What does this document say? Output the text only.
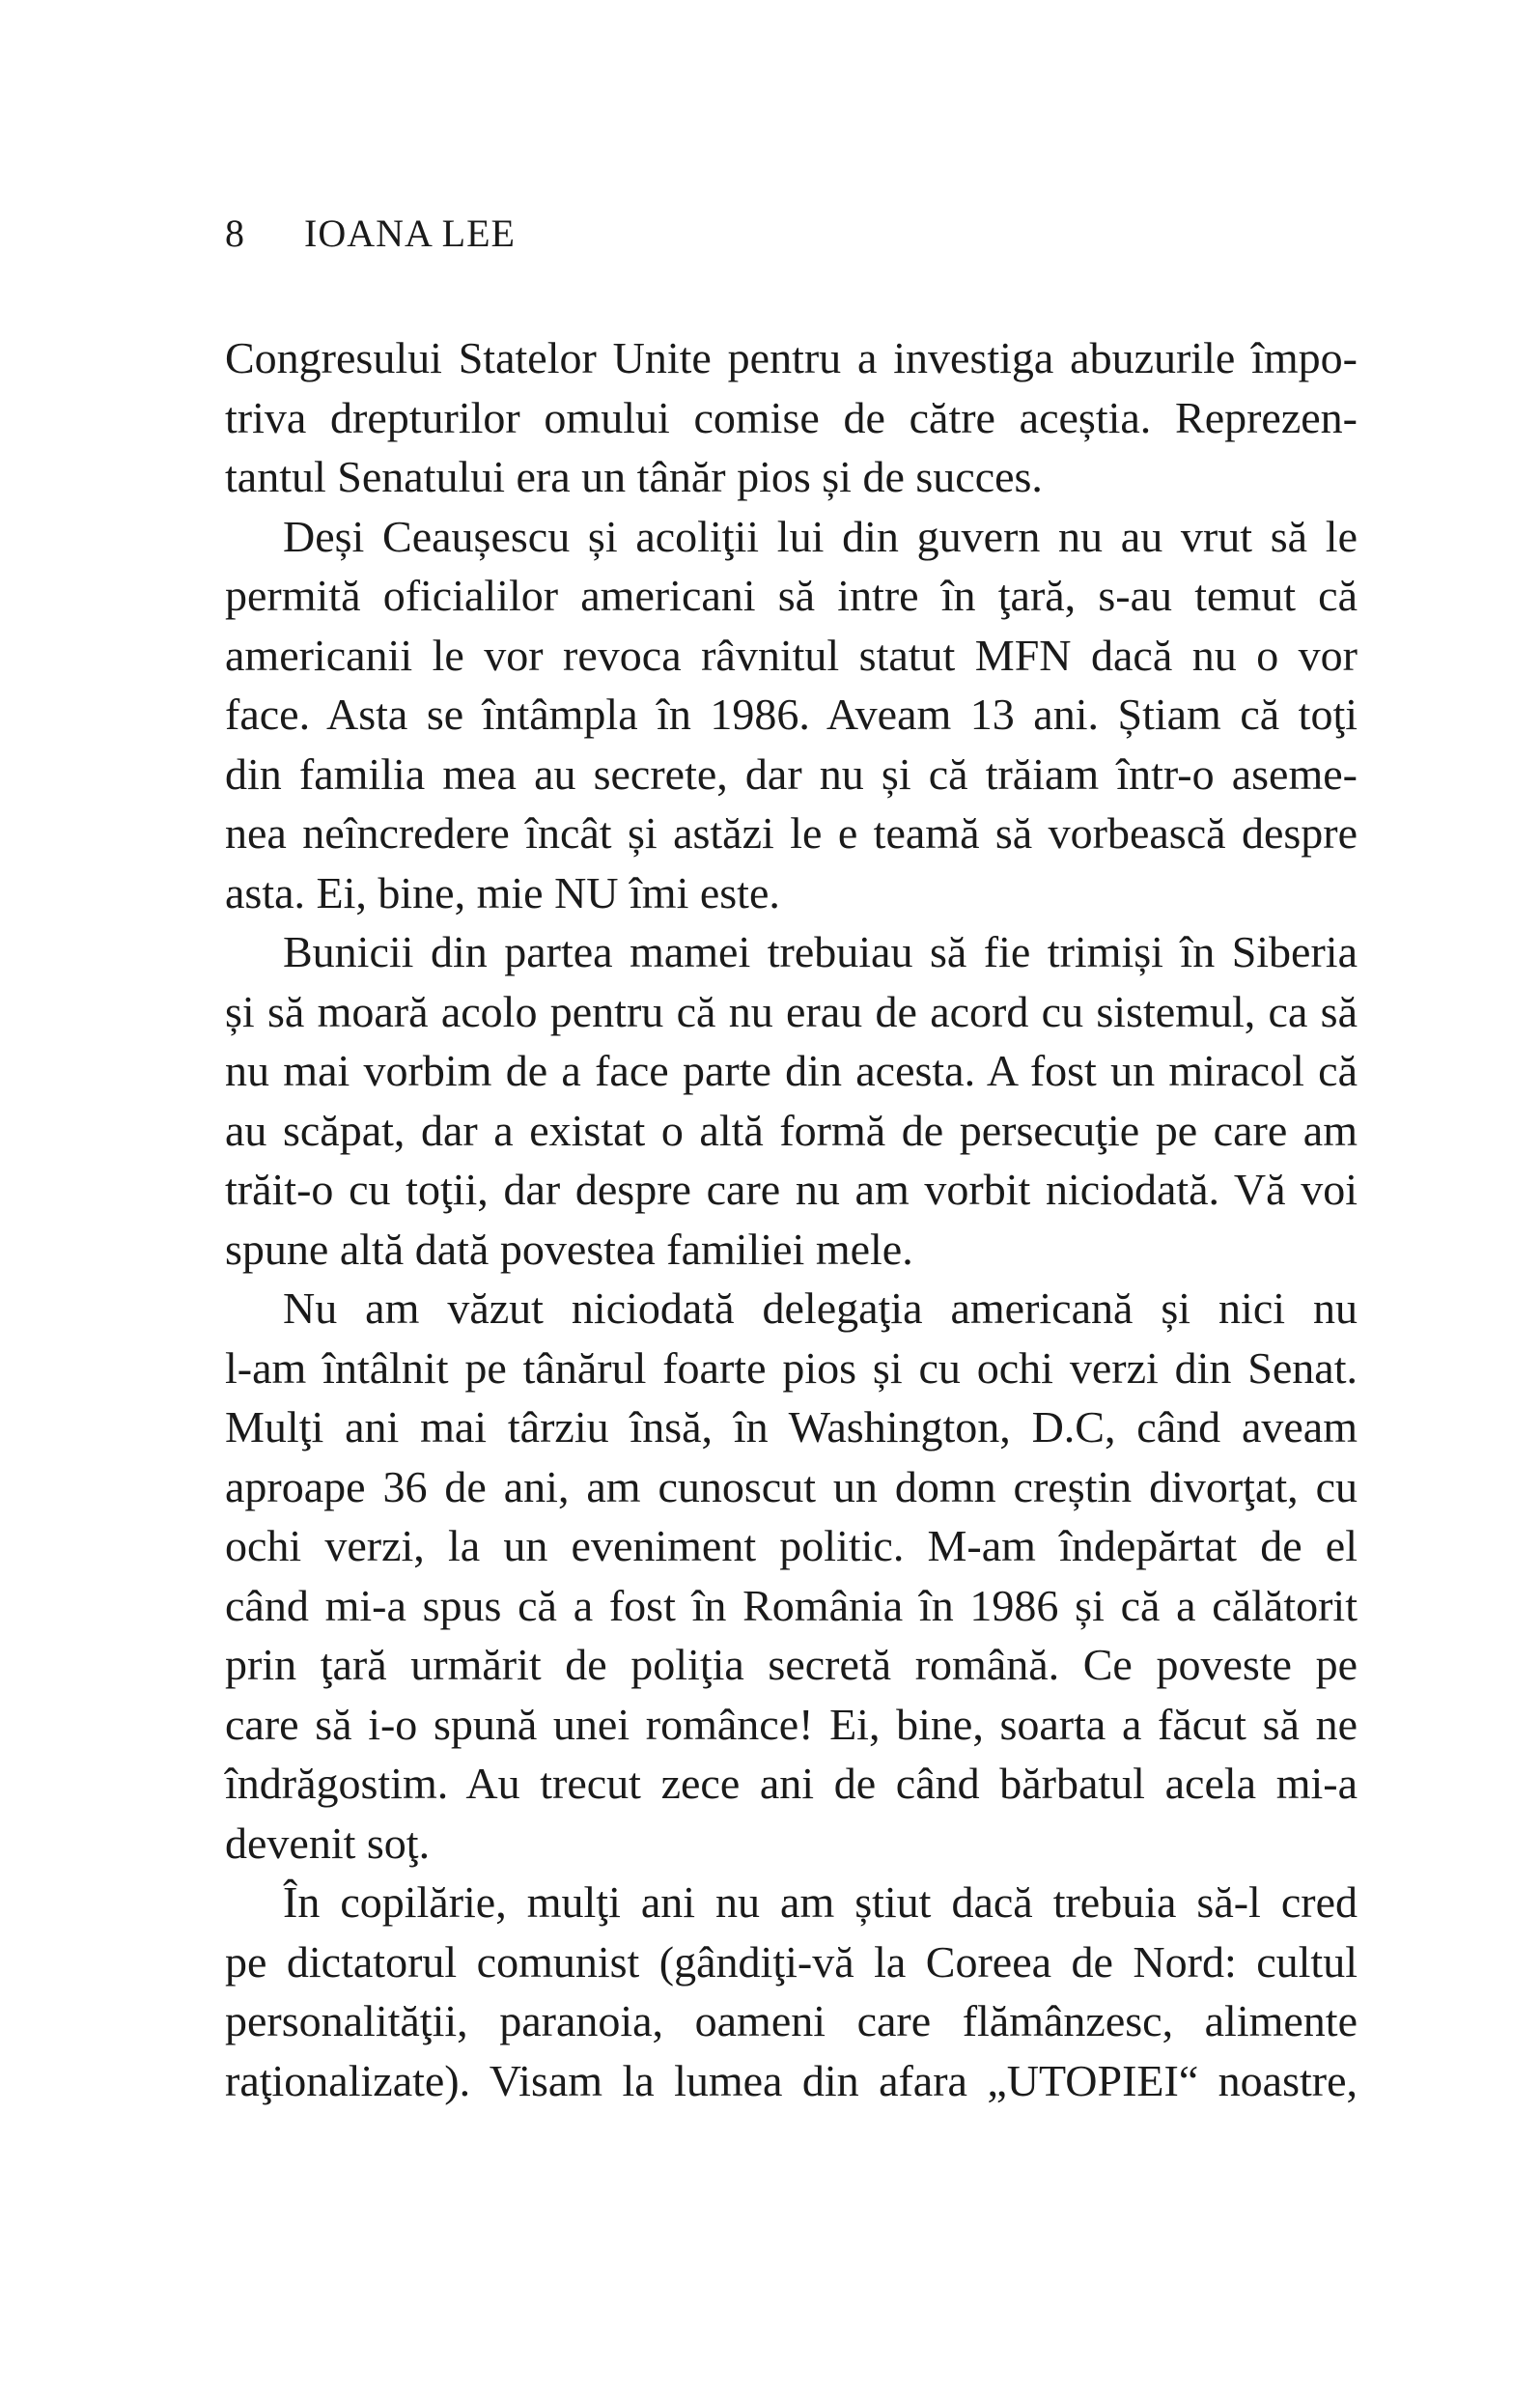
8 IOANA LEE
Congresului Statelor Unite pentru a investiga abuzurile împo-
triva drepturilor omului comise de către aceștia. Reprezen-
tantul Senatului era un tânăr pios și de succes.
Deși Ceaușescu și acoliţii lui din guvern nu au vrut să le
permită oficialilor americani să intre în ţară, s-au temut că
americanii le vor revoca râvnitul statut MFN dacă nu o vor
face. Asta se întâmpla în 1986. Aveam 13 ani. Știam că toţi
din familia mea au secrete, dar nu și că trăiam într-o aseme-
nea neîncredere încât și astăzi le e teamă să vorbească despre
asta. Ei, bine, mie NU îmi este.
Bunicii din partea mamei trebuiau să fie trimiși în Siberia
și să moară acolo pentru că nu erau de acord cu sistemul, ca să
nu mai vorbim de a face parte din acesta. A fost un miracol că
au scăpat, dar a existat o altă formă de persecuţie pe care am
trăit-o cu toţii, dar despre care nu am vorbit niciodată. Vă voi
spune altă dată povestea familiei mele.
Nu am văzut niciodată delegaţia americană și nici nu
l-am întâlnit pe tânărul foarte pios și cu ochi verzi din Senat.
Mulţi ani mai târziu însă, în Washington, D.C, când aveam
aproape 36 de ani, am cunoscut un domn creștin divorţat, cu
ochi verzi, la un eveniment politic. M-am îndepărtat de el
când mi-a spus că a fost în România în 1986 și că a călătorit
prin ţară urmărit de poliţia secretă română. Ce poveste pe
care să i-o spună unei românce! Ei, bine, soarta a făcut să ne
îndrăgostim. Au trecut zece ani de când bărbatul acela mi-a
devenit soţ.
În copilărie, mulţi ani nu am știut dacă trebuia să-l cred
pe dictatorul comunist (gândiţi-vă la Coreea de Nord: cultul
personalităţii, paranoia, oameni care flămânzesc, alimente
raţionalizate). Visam la lumea din afara „UTOPIEI“ noastre,
